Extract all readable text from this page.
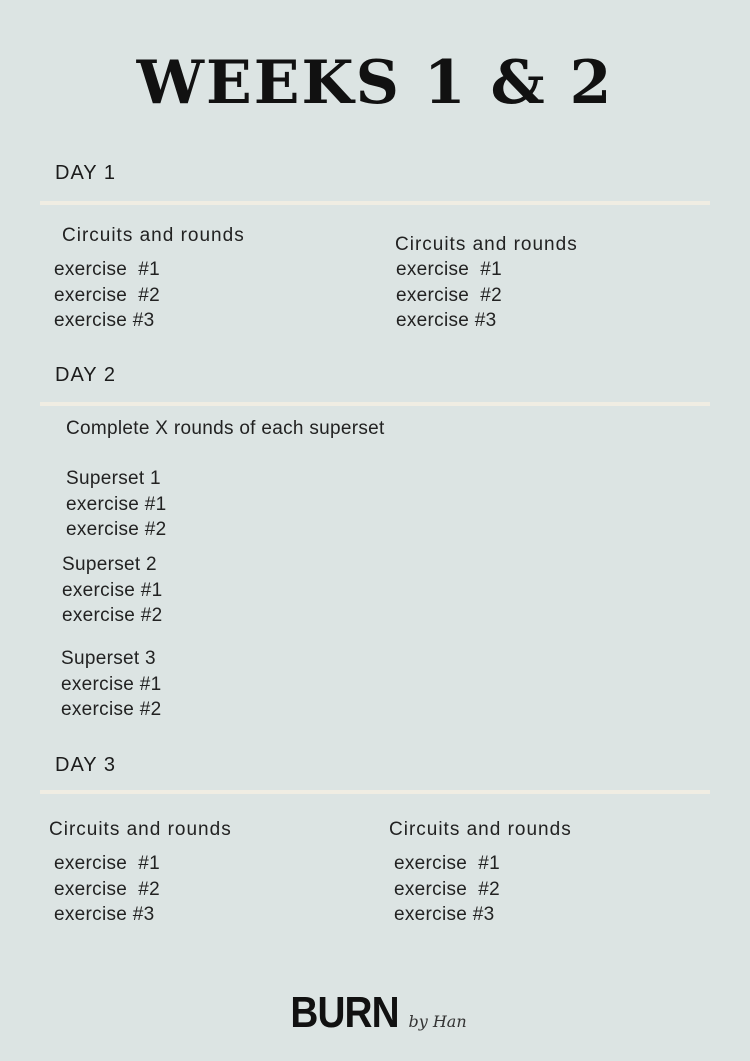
WEEKS 1 & 2
DAY 1
Circuits and rounds
exercise  #1
exercise  #2
exercise #3
Circuits and rounds
exercise  #1
exercise  #2
exercise #3
DAY 2
Complete X rounds of each superset
Superset 1
exercise #1
exercise #2
Superset 2
exercise #1
exercise #2
Superset 3
exercise #1
exercise #2
DAY 3
Circuits and rounds
exercise  #1
exercise  #2
exercise #3
Circuits and rounds
exercise  #1
exercise  #2
exercise #3
BURN by Han
